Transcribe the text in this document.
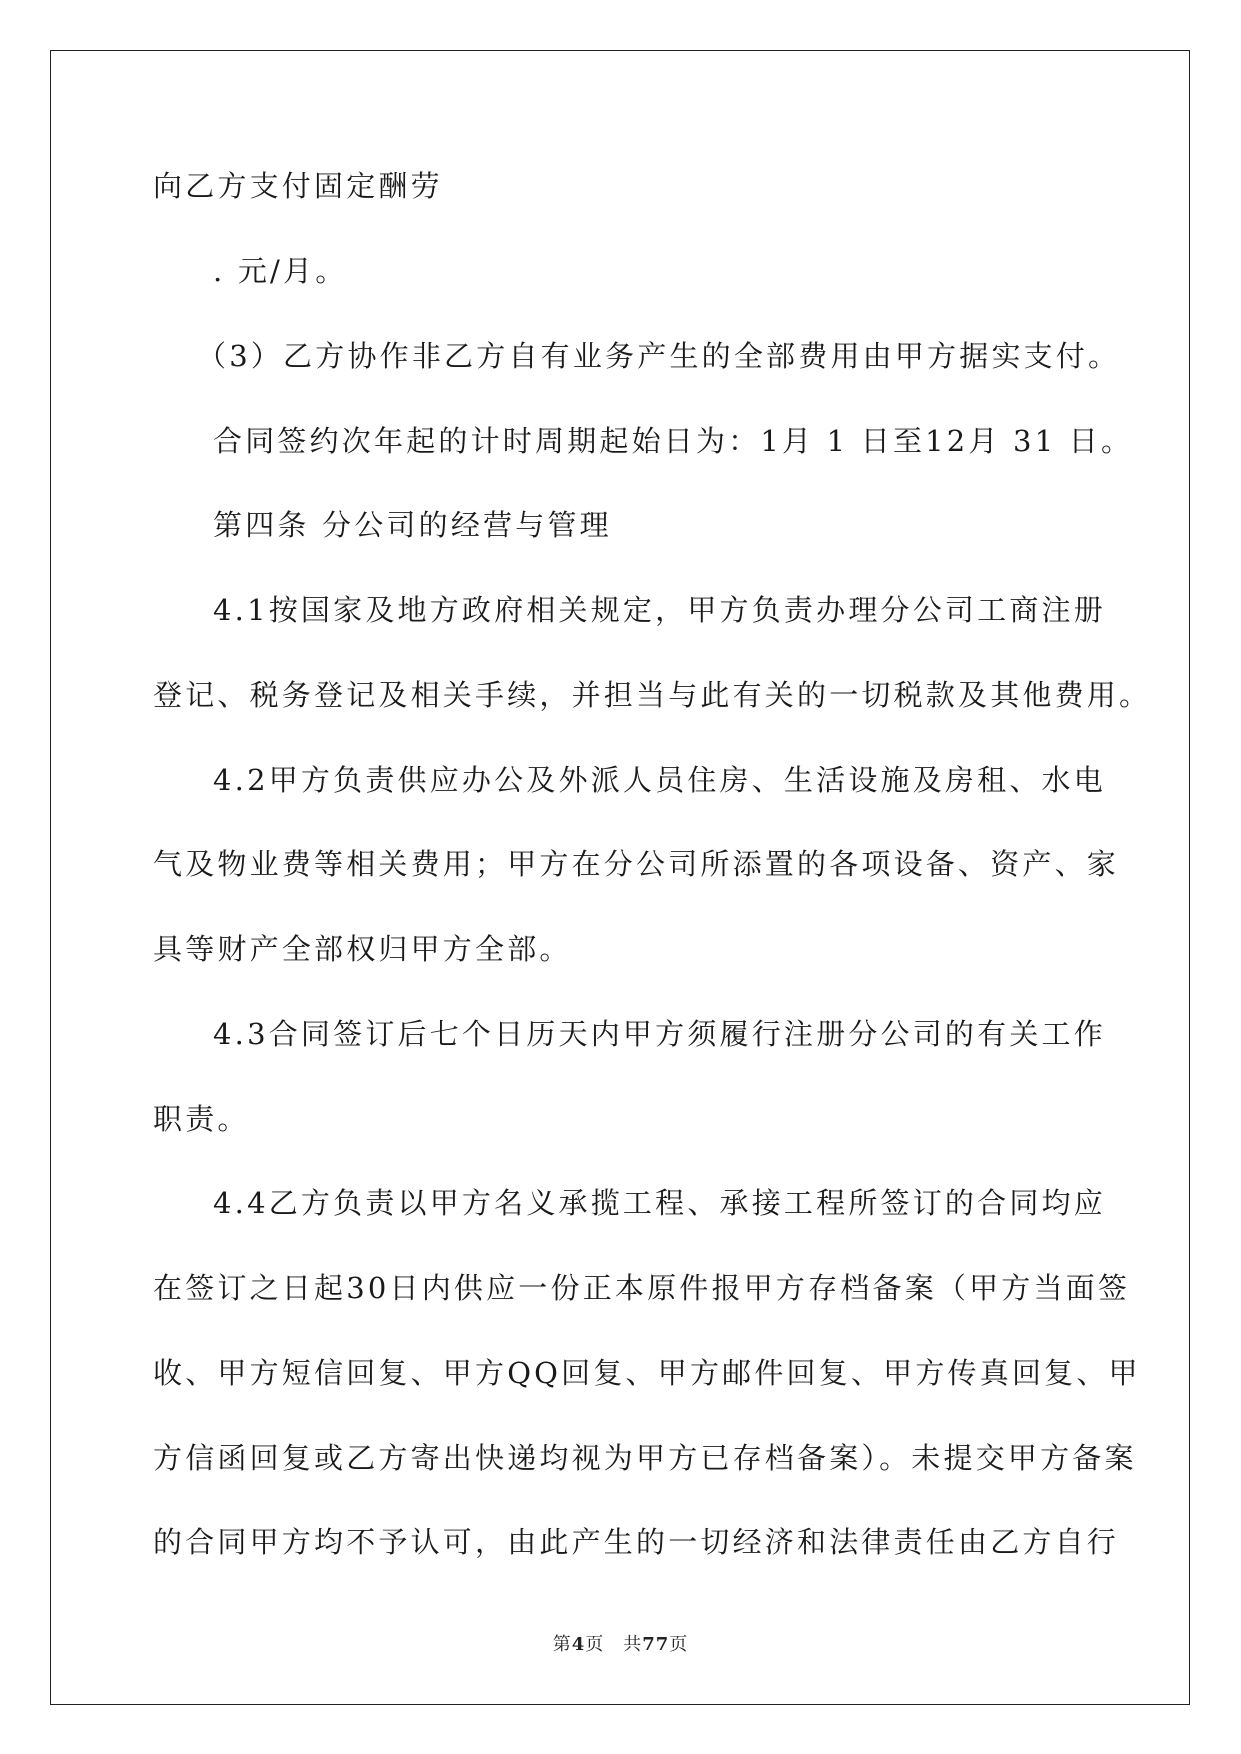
向乙方支付固定酬劳
. 元/月。
（3）乙方协作非乙方自有业务产生的全部费用由甲方据实支付。
合同签约次年起的计时周期起始日为：1月 1 日至12月 31 日。
第四条 分公司的经营与管理
4.1按国家及地方政府相关规定，甲方负责办理分公司工商注册
登记、税务登记及相关手续，并担当与此有关的一切税款及其他费用。
4.2甲方负责供应办公及外派人员住房、生活设施及房租、水电
气及物业费等相关费用；甲方在分公司所添置的各项设备、资产、家
具等财产全部权归甲方全部。
4.3合同签订后七个日历天内甲方须履行注册分公司的有关工作
职责。
4.4乙方负责以甲方名义承揽工程、承接工程所签订的合同均应
在签订之日起30日内供应一份正本原件报甲方存档备案（甲方当面签
收、甲方短信回复、甲方QQ回复、甲方邮件回复、甲方传真回复、甲
方信函回复或乙方寄出快递均视为甲方已存档备案）。未提交甲方备案
的合同甲方均不予认可，由此产生的一切经济和法律责任由乙方自行
第4页　共77页
